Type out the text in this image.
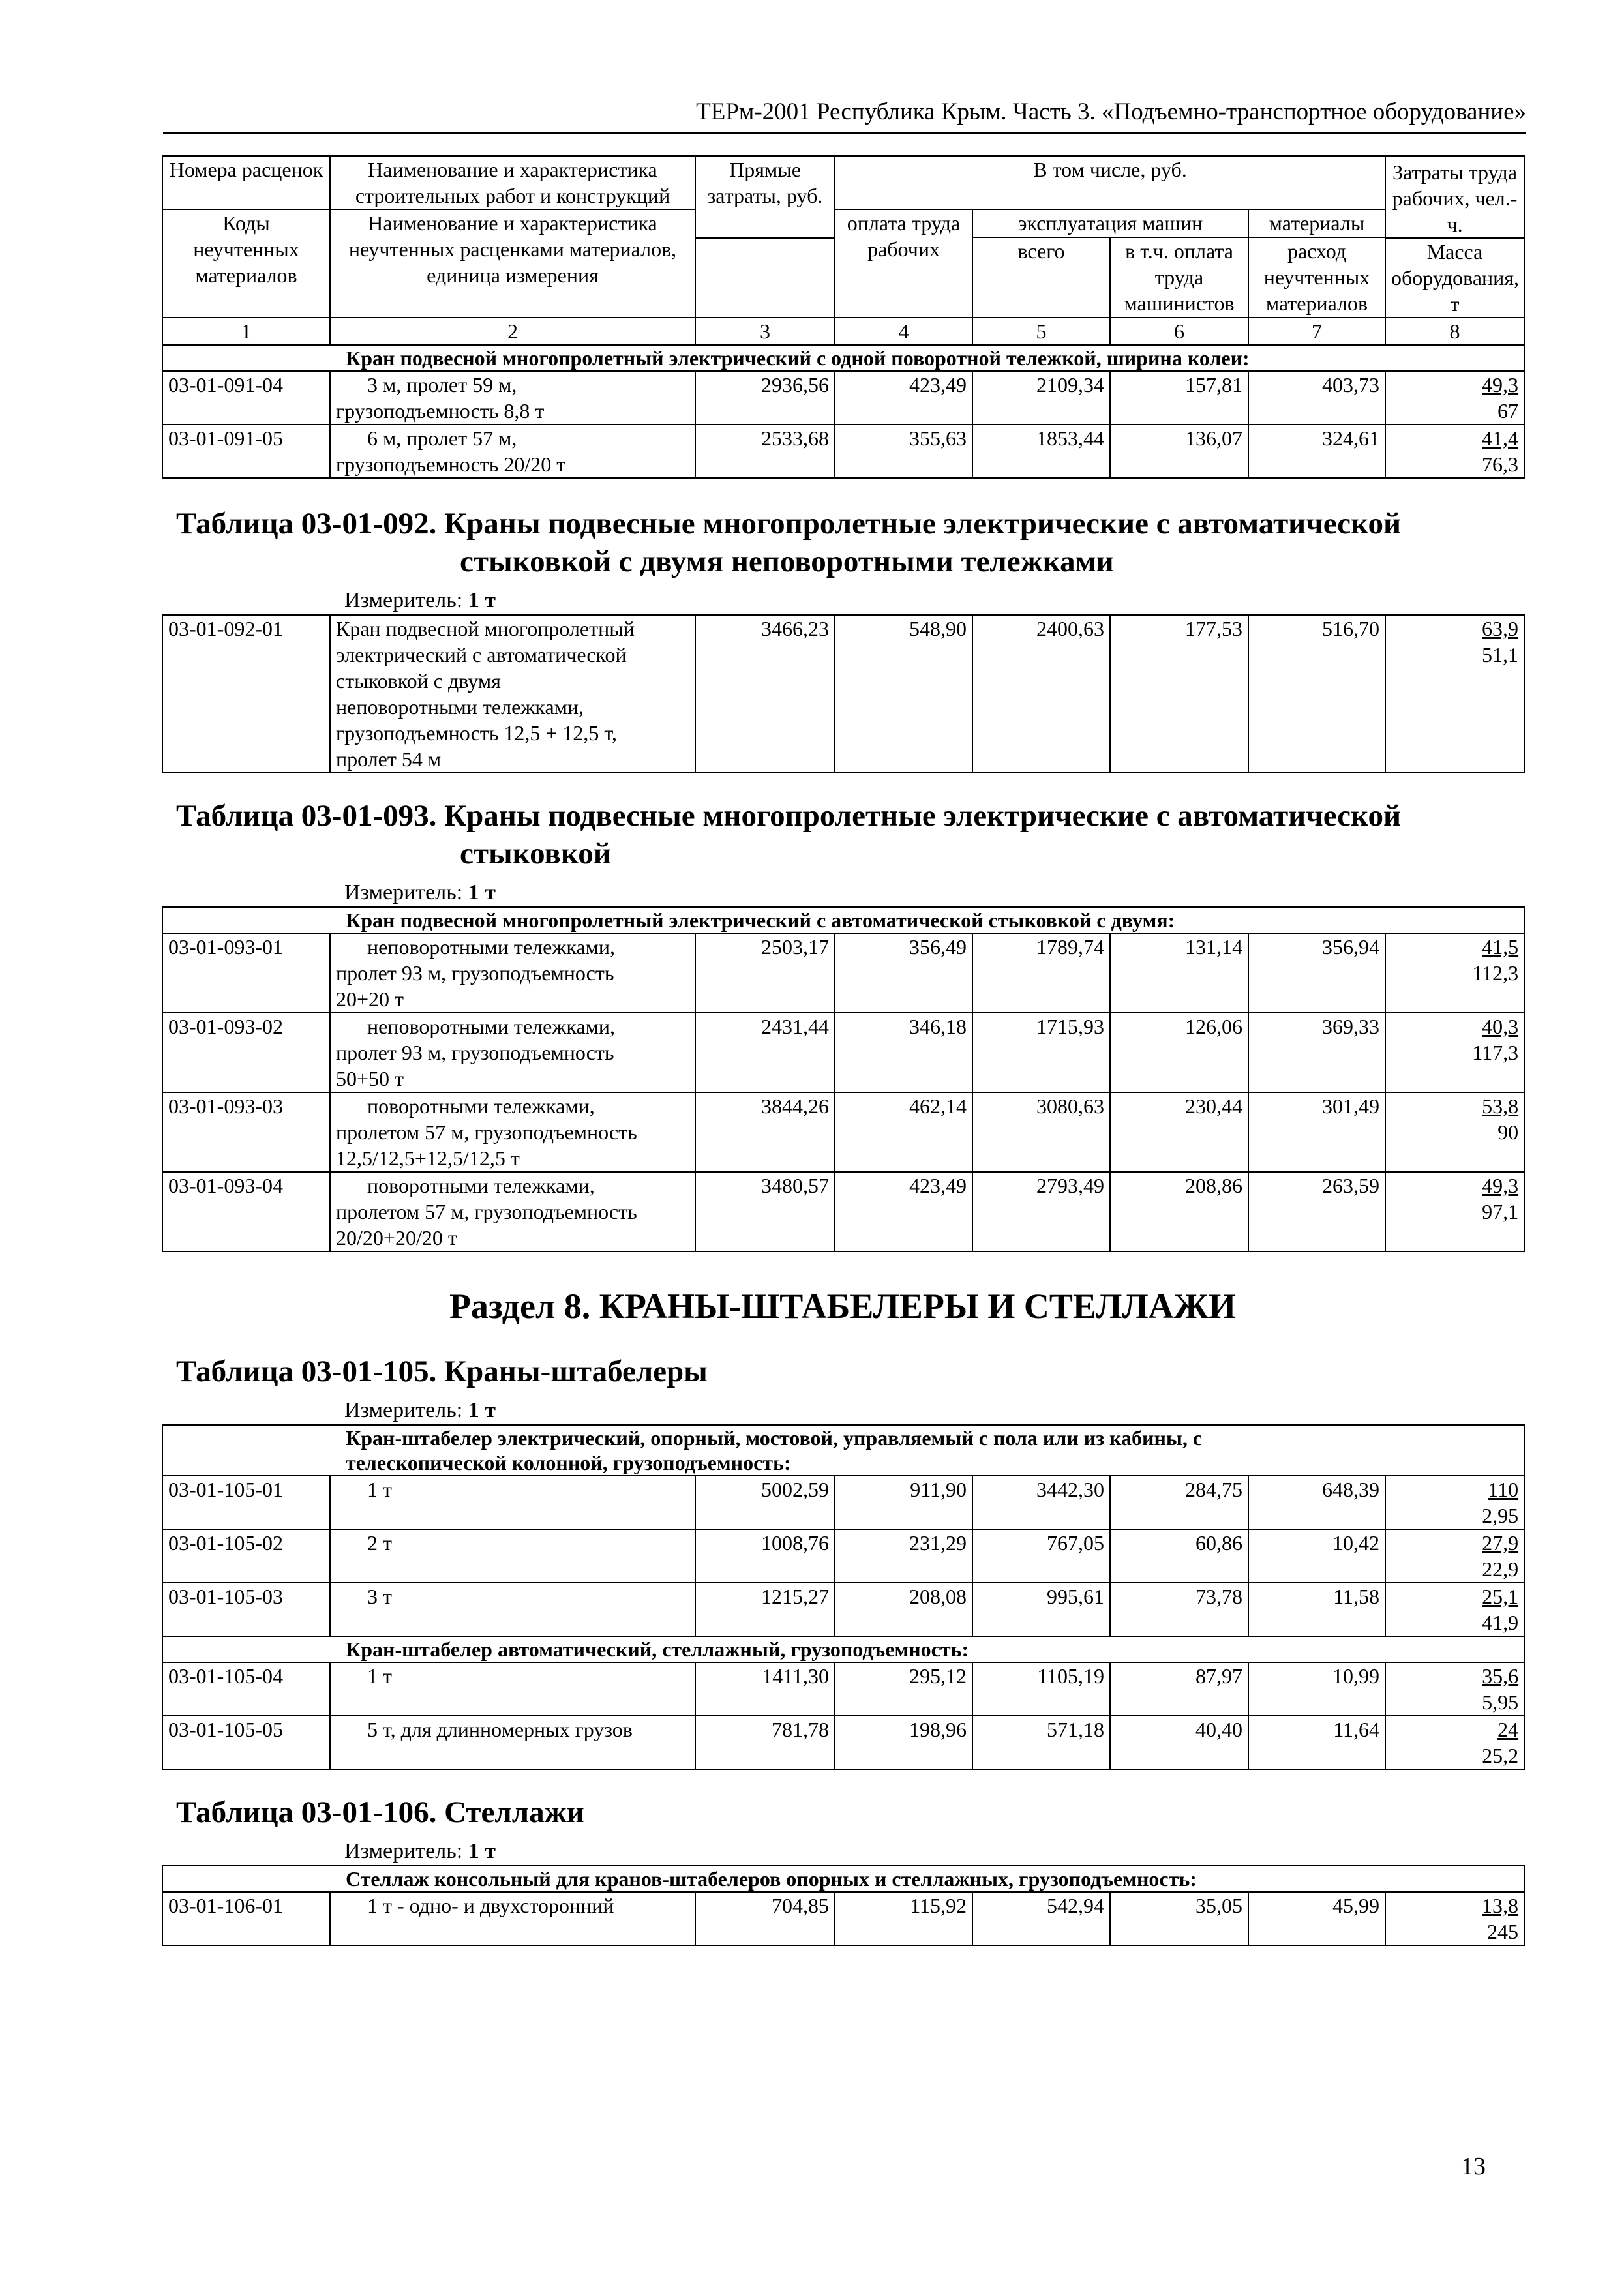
ТЕРм-2001 Республика Крым. Часть 3. «Подъемно-транспортное оборудование»
Номера расценок	Наименование и характеристика строительных работ и конструкций	Прямые затраты, руб.	В том числе, руб.				Затраты труда рабочих, чел.-ч.
Коды неучтенных материалов	Наименование и характеристика неучтенных расценками материалов, единица измерения		оплата труда рабочих	эксплуатация машин		материалы	
				всего	в т.ч. оплата труда машинистов	расход неучтенных материалов	
							Масса оборудования, т
1	2	3	4	5	6	7	8
Кран подвесной многопролетный электрический с одной поворотной тележкой, ширина колеи:							
03-01-091-04	3 м, пролет 59 м,
грузоподъемность 8,8 т	2936,56	423,49	2109,34	157,81	403,73	49,3
67
03-01-091-05	6 м, пролет 57 м,
грузоподъемность 20/20 т	2533,68	355,63	1853,44	136,07	324,61	41,4
76,3
Таблица 03-01-092. Краны подвесные многопролетные электрические с автоматической
стыковкой с двумя неповоротными тележками
Измеритель: 1 т
03-01-092-01	Кран подвесной многопролетный
электрический с автоматической
стыковкой с двумя
неповоротными тележками,
грузоподъемность 12,5 + 12,5 т,
пролет 54 м	3466,23	548,90	2400,63	177,53	516,70	63,9
51,1
Таблица 03-01-093. Краны подвесные многопролетные электрические с автоматической
стыковкой
Измеритель: 1 т
Кран подвесной многопролетный электрический с автоматической стыковкой с двумя:							
03-01-093-01	неповоротными тележками,
пролет 93 м, грузоподъемность
20+20 т	2503,17	356,49	1789,74	131,14	356,94	41,5
112,3
03-01-093-02	неповоротными тележками,
пролет 93 м, грузоподъемность
50+50 т	2431,44	346,18	1715,93	126,06	369,33	40,3
117,3
03-01-093-03	поворотными тележками,
пролетом 57 м, грузоподъемность
12,5/12,5+12,5/12,5 т	3844,26	462,14	3080,63	230,44	301,49	53,8
90
03-01-093-04	поворотными тележками,
пролетом 57 м, грузоподъемность
20/20+20/20 т	3480,57	423,49	2793,49	208,86	263,59	49,3
97,1
Раздел 8. КРАНЫ-ШТАБЕЛЕРЫ И СТЕЛЛАЖИ
Таблица 03-01-105. Краны-штабелеры
Измеритель: 1 т
Кран-штабелер электрический, опорный, мостовой, управляемый с пола или из кабины, с
телескопической колонной, грузоподъемность:							
03-01-105-01	1 т	5002,59	911,90	3442,30	284,75	648,39	110
2,95
03-01-105-02	2 т	1008,76	231,29	767,05	60,86	10,42	27,9
22,9
03-01-105-03	3 т	1215,27	208,08	995,61	73,78	11,58	25,1
41,9
Кран-штабелер автоматический, стеллажный, грузоподъемность:							
03-01-105-04	1 т	1411,30	295,12	1105,19	87,97	10,99	35,6
5,95
03-01-105-05	5 т, для длинномерных грузов	781,78	198,96	571,18	40,40	11,64	24
25,2
Таблица 03-01-106. Стеллажи
Измеритель: 1 т
Стеллаж консольный для кранов-штабелеров опорных и стеллажных, грузоподъемность:
03-01-106-01	1 т - одно- и двухсторонний	704,85	115,92	542,94	35,05	45,99	13,8
245
13
